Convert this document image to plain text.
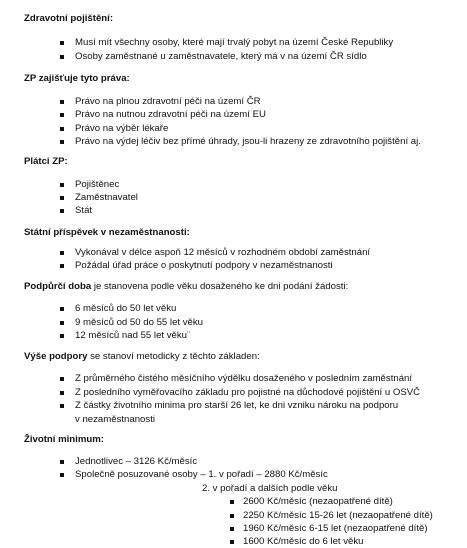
Zdravotní pojištění:
Musí mít všechny osoby, které mají trvalý pobyt na území České Republiky
Osoby zaměstnané u zaměstnavatele, který má v na území ČR sídlo
ZP zajišťuje tyto práva:
Právo na plnou zdravotní péči na území ČR
Právo na nutnou zdravotní péči na území EU
Právo na výběr lékaře
Právo na výdej léčiv bez přímé úhrady, jsou-li hrazeny ze zdravotního pojištění aj.
Plátci ZP:
Pojištěnec
Zaměstnavatel
Stát
Státní příspěvek v nezaměstnanosti:
Vykonával v délce aspoň 12 měsíců v rozhodném období zaměstnání
Požádal úřad práce o poskytnutí podpory v nezaměstnanosti
Podpůrčí doba je stanovena podle věku dosaženého ke dni podání žádosti:
6 měsíců do 50 let věku
9 měsíců od 50 do 55 let věku
12 měsíců nad 55 let věku¨
Výše podpory se stanoví metodicky z těchto základen:
Z průměrného čistého měsíčního výdělku dosaženého v posledním zaměstnání
Z posledního vyměřovacího základu pro pojistné na důchodové pojištění u OSVČ
Z částky životního minima pro starší 26 let, ke dni vzniku nároku na podporu
v nezaměstnanosti
Životní minimum:
Jednotlivec – 3126 Kč/měsíc
Společně posuzované osoby – 1. v pořadí – 2880 Kč/měsíc
2. v pořadí a dalších podle věku
2600 Kč/měsíc (nezaopatřené dítě)
2250 Kč/měsíc 15-26 let (nezaopatřené dítě)
1960 Kč/měsíc 6-15 let (nezaopatřené dítě)
1600 Kč/měsíc do 6 let věku
